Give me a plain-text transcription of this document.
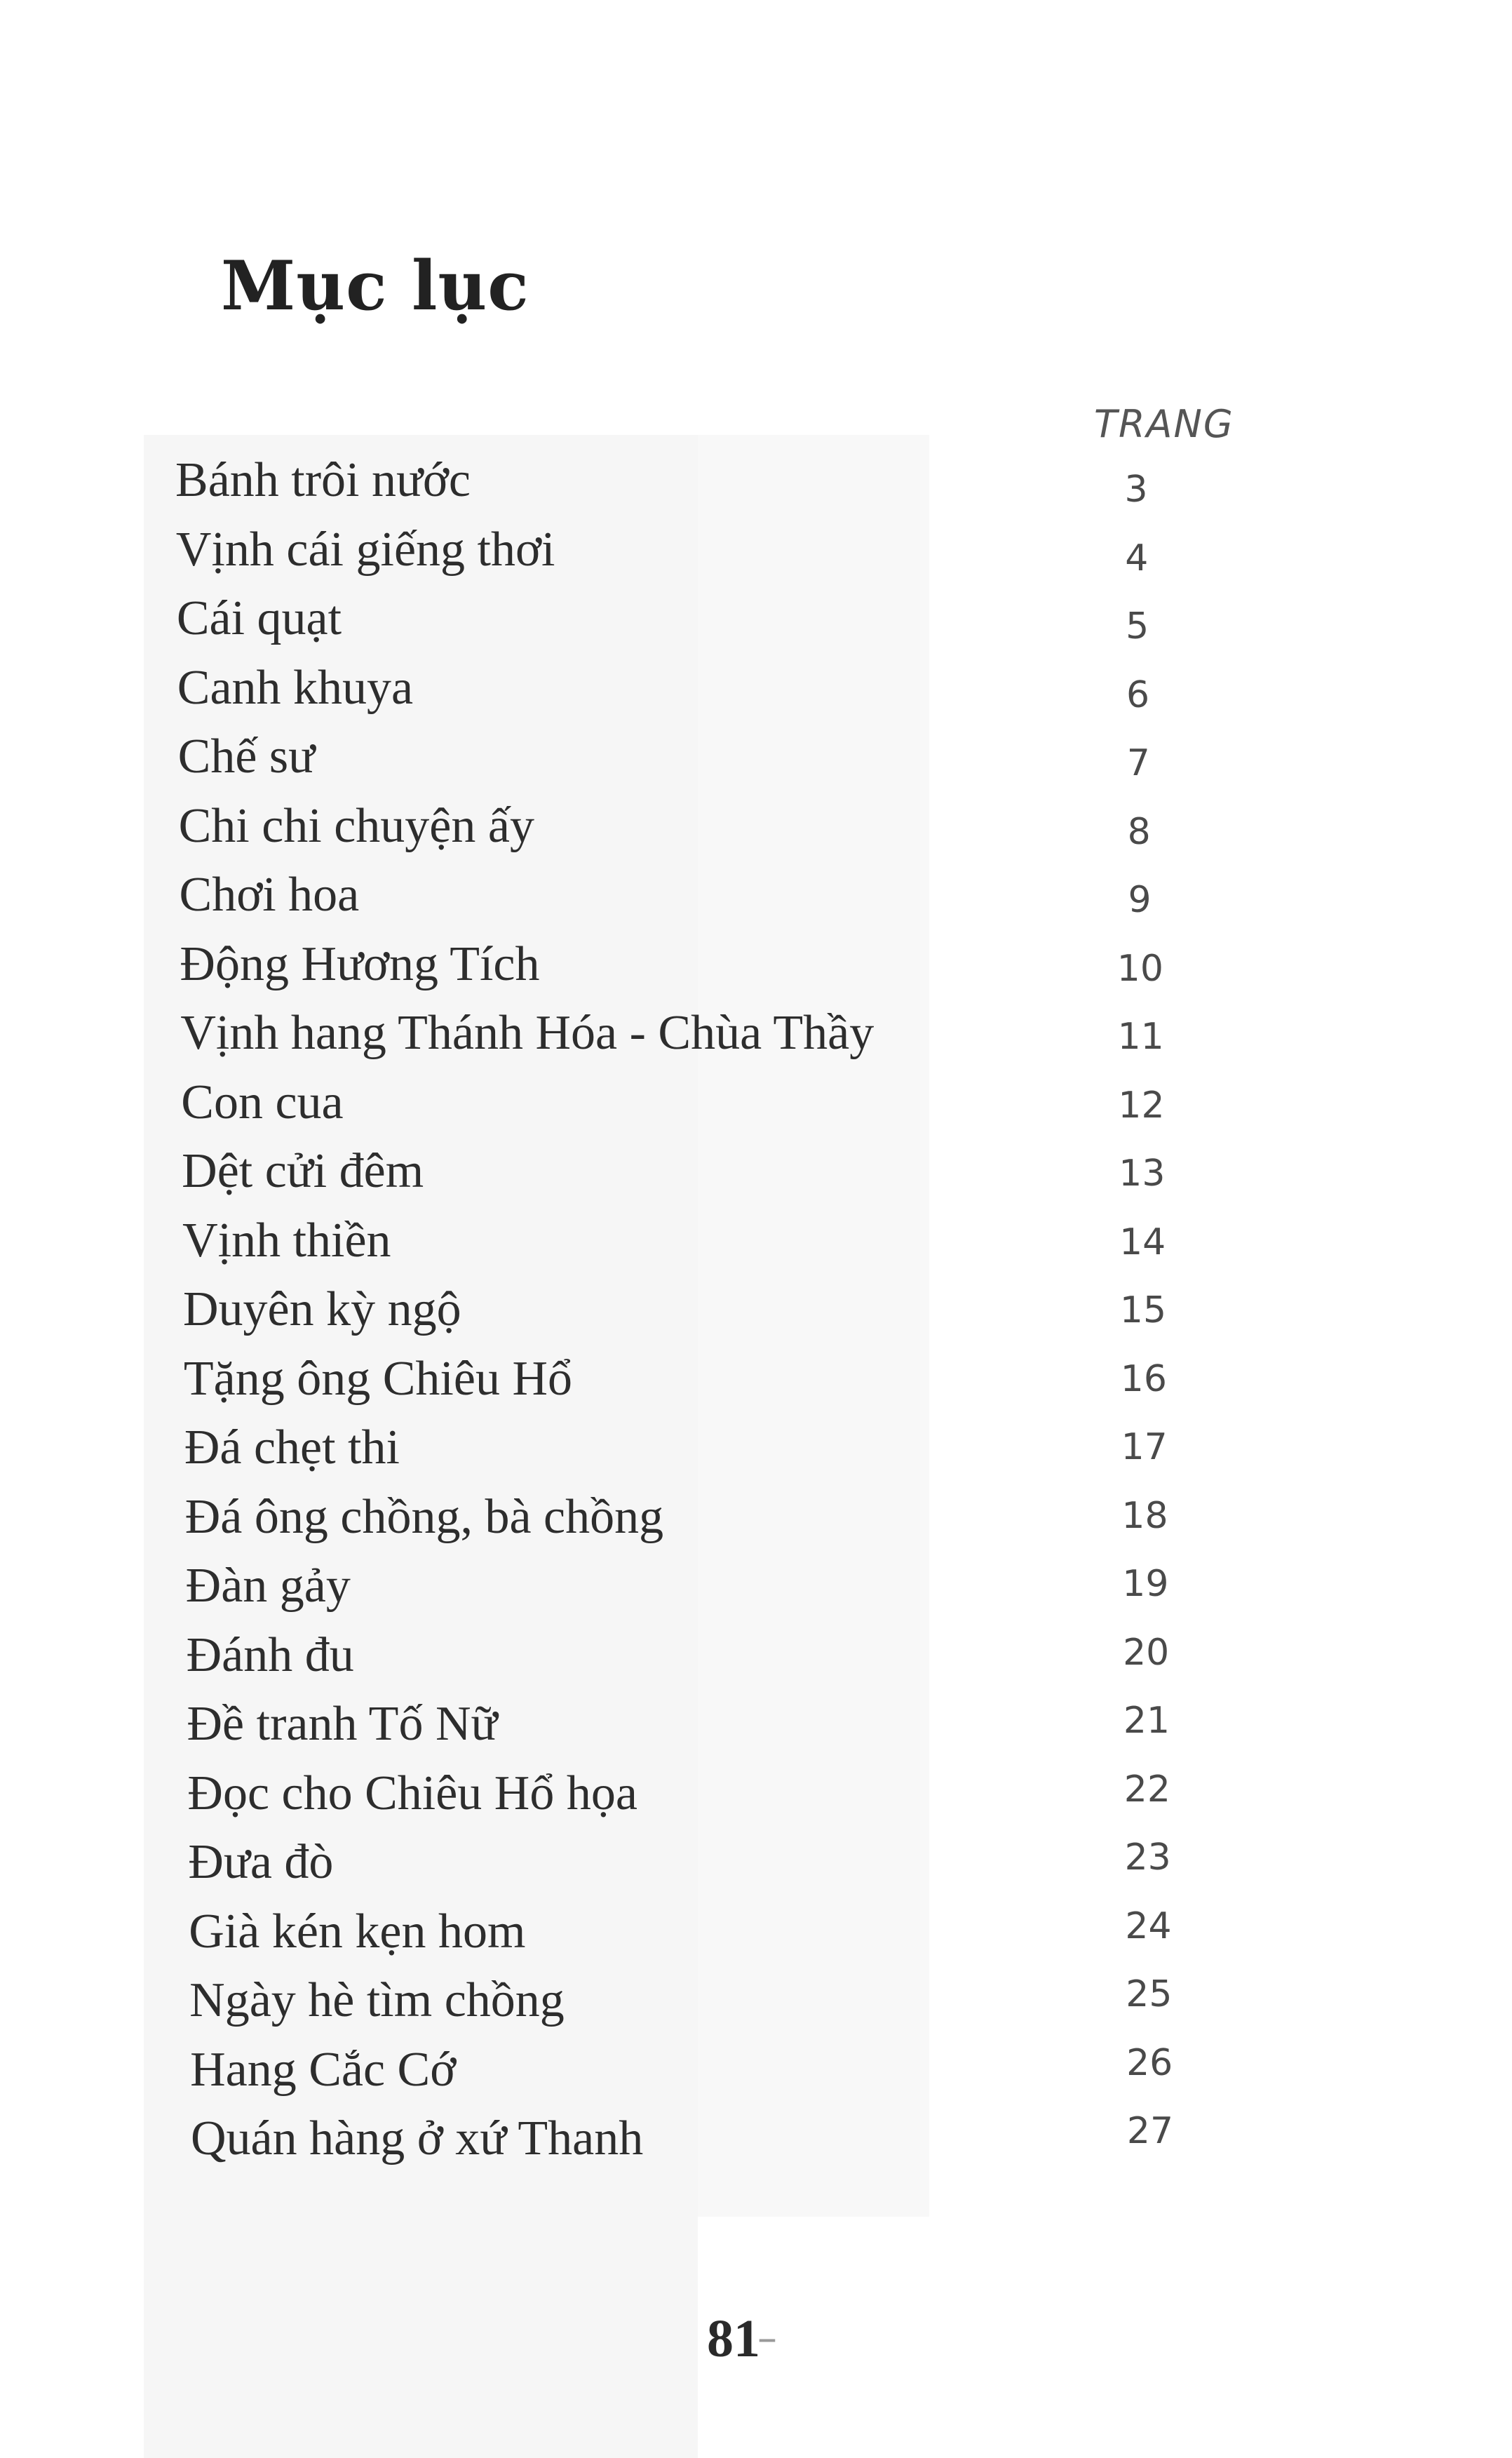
Mục lục
TRANG
Bánh trôi nước	3
Vịnh cái giếng thơi	4
Cái quạt	5
Canh khuya	6
Chế sư	7
Chi chi chuyện ấy	8
Chơi hoa	9
Động Hương Tích	10
Vịnh hang Thánh Hóa - Chùa Thầy	11
Con cua	12
Dệt cửi đêm	13
Vịnh thiền	14
Duyên kỳ ngộ	15
Tặng ông Chiêu Hổ	16
Đá chẹt thi	17
Đá ông chồng, bà chồng	18
Đàn gảy	19
Đánh đu	20
Đề tranh Tố Nữ	21
Đọc cho Chiêu Hổ họa	22
Đưa đò	23
Già kén kẹn hom	24
Ngày hè tìm chồng	25
Hang Cắc Cớ	26
Quán hàng ở xứ Thanh	27
81
–
